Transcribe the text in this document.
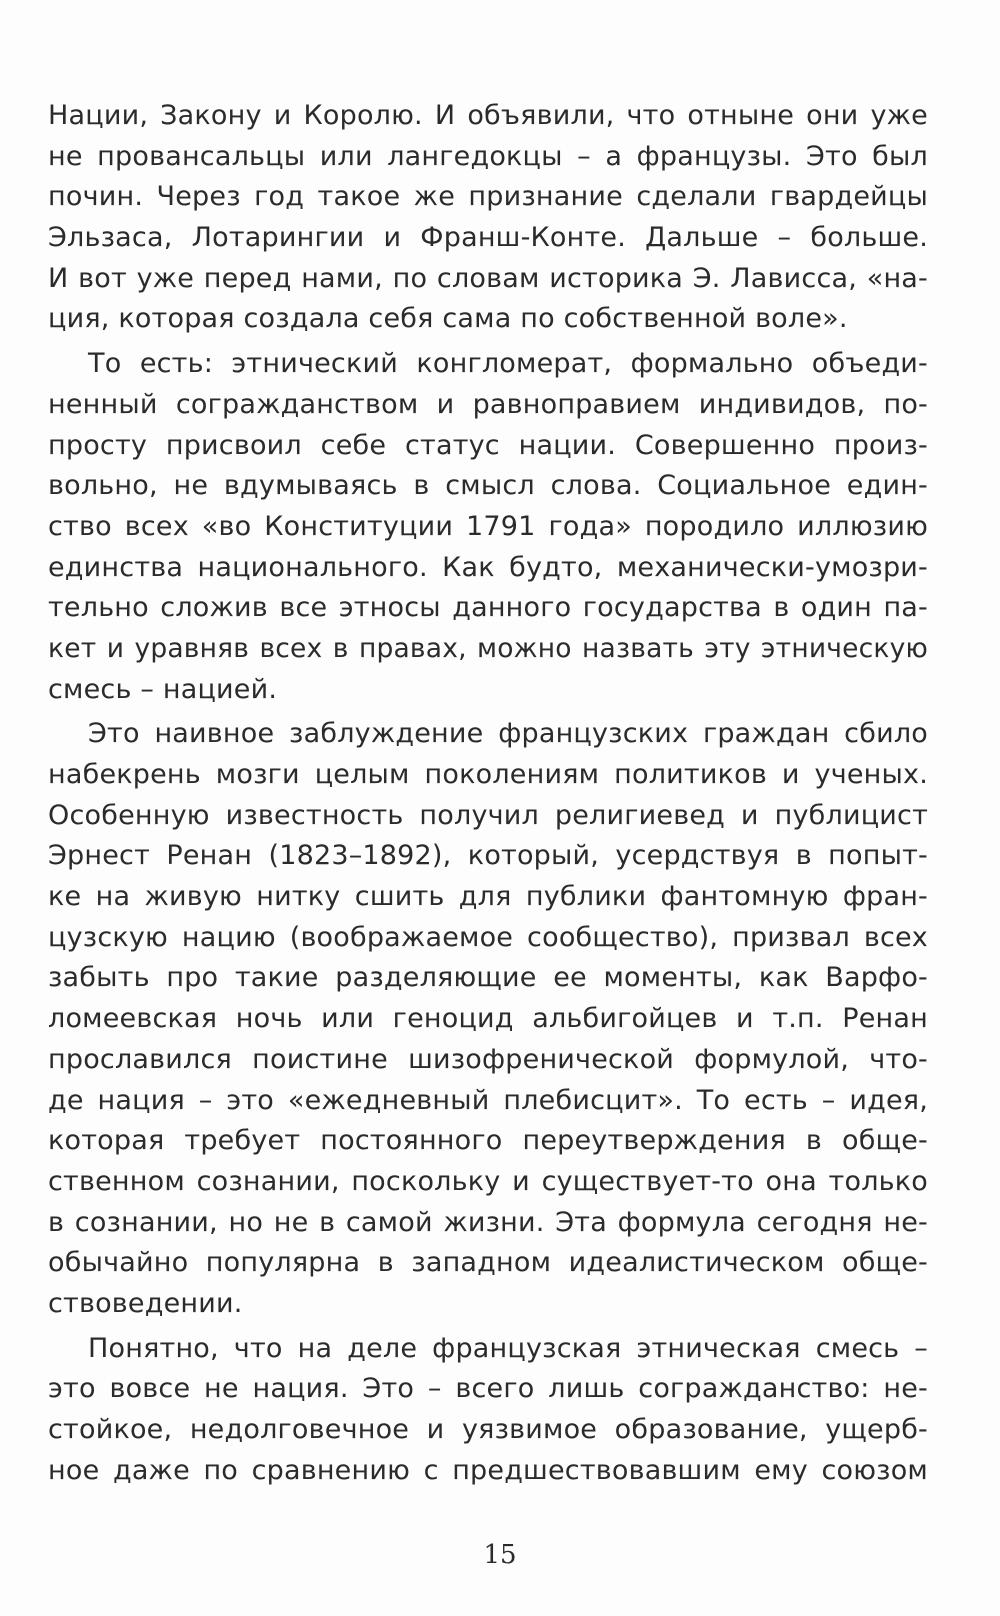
Нации, Закону и Королю. И объявили, что отныне они уже
не провансальцы или лангедокцы – а французы. Это был
почин. Через год такое же признание сделали гвардейцы
Эльзаса, Лотарингии и Франш-Конте. Дальше – больше.
И вот уже перед нами, по словам историка Э. Лависса, «на-
ция, которая создала себя сама по собственной воле».
То есть: этнический конгломерат, формально объеди-
ненный согражданством и равноправием индивидов, по-
просту присвоил себе статус нации. Совершенно произ-
вольно, не вдумываясь в смысл слова. Социальное един-
ство всех «во Конституции 1791 года» породило иллюзию
единства национального. Как будто, механически-умозри-
тельно сложив все этносы данного государства в один па-
кет и уравняв всех в правах, можно назвать эту этническую
смесь – нацией.
Это наивное заблуждение французских граждан сбило
набекрень мозги целым поколениям политиков и ученых.
Особенную известность получил религиевед и публицист
Эрнест Ренан (1823–1892), который, усердствуя в попыт-
ке на живую нитку сшить для публики фантомную фран-
цузскую нацию (воображаемое сообщество), призвал всех
забыть про такие разделяющие ее моменты, как Варфо-
ломеевская ночь или геноцид альбигойцев и т.п. Ренан
прославился поистине шизофренической формулой, что-
де нация – это «ежедневный плебисцит». То есть – идея,
которая требует постоянного переутверждения в обще-
ственном сознании, поскольку и существует-то она только
в сознании, но не в самой жизни. Эта формула сегодня не-
обычайно популярна в западном идеалистическом обще-
ствоведении.
Понятно, что на деле французская этническая смесь –
это вовсе не нация. Это – всего лишь согражданство: не-
стойкое, недолговечное и уязвимое образование, ущерб-
ное даже по сравнению с предшествовавшим ему союзом
15
